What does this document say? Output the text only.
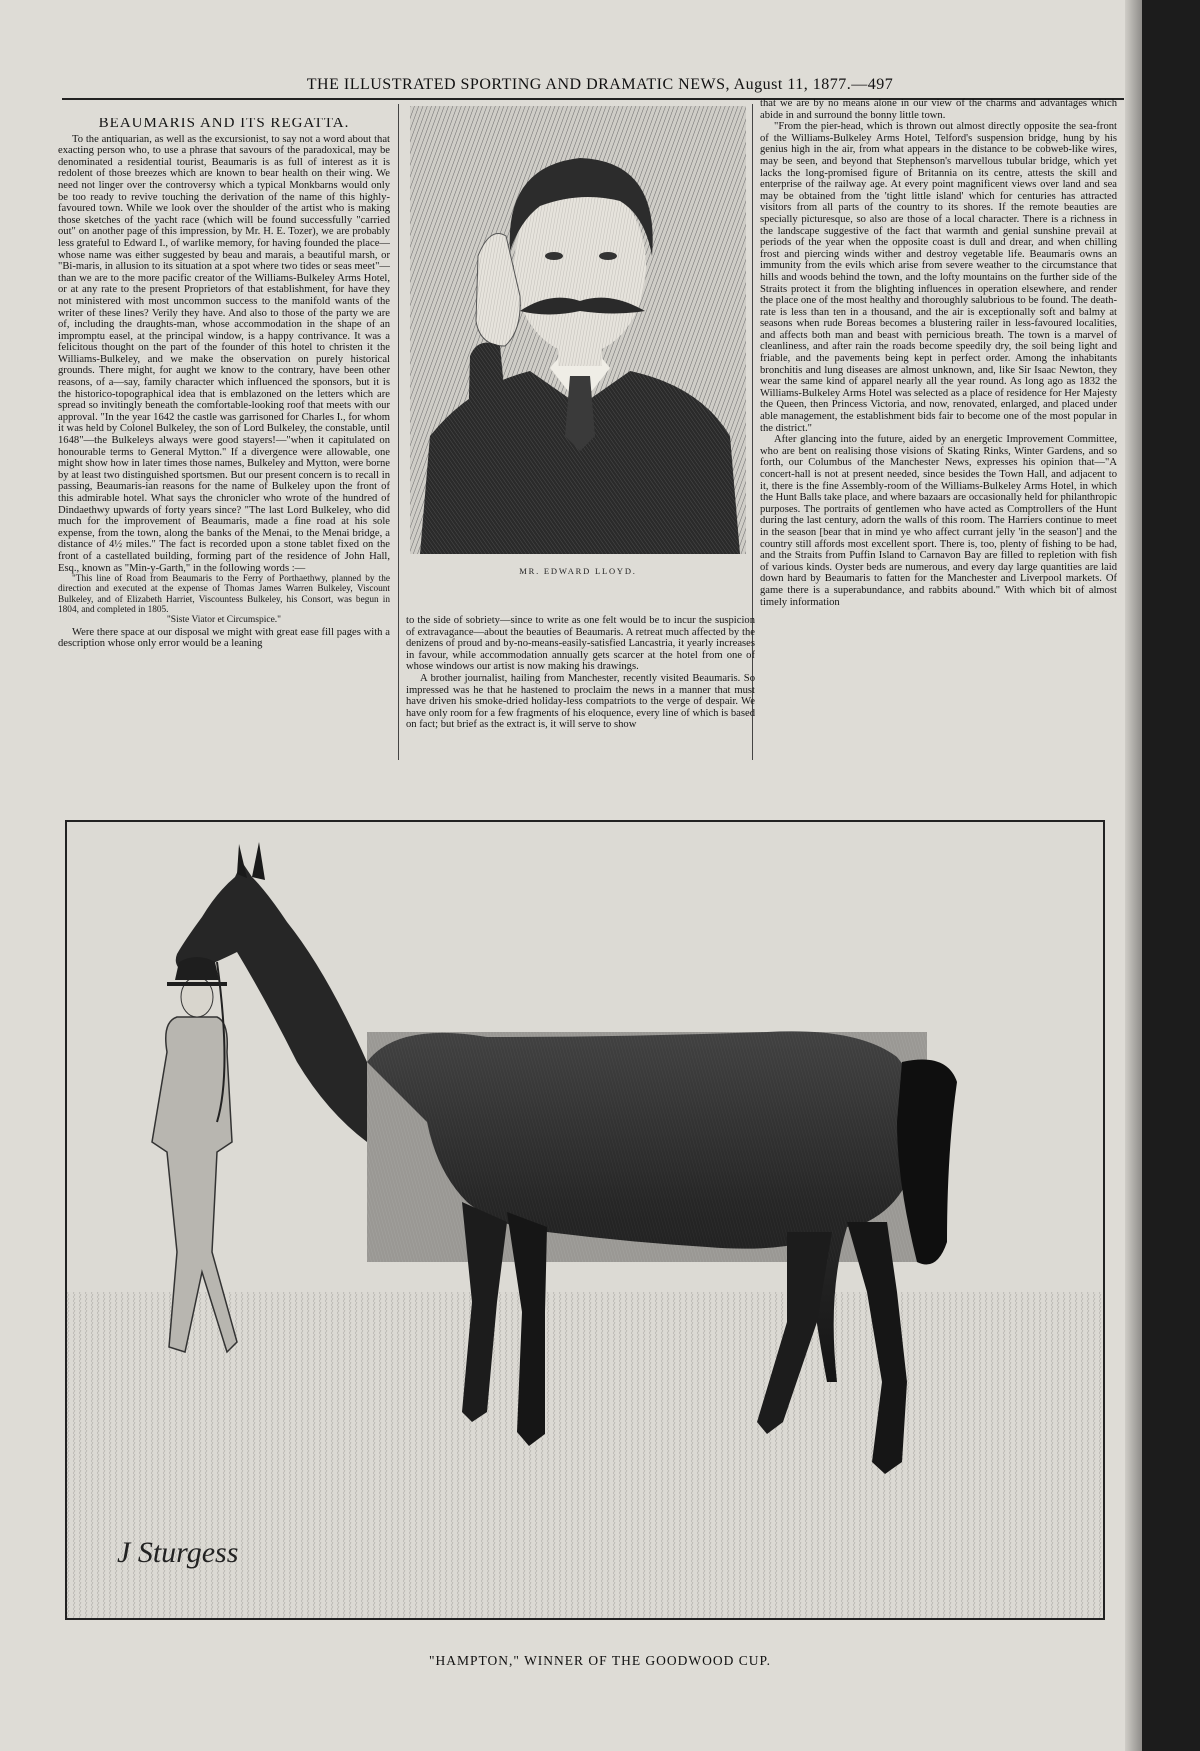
THE ILLUSTRATED SPORTING AND DRAMATIC NEWS, August 11, 1877.—497
BEAUMARIS AND ITS REGATTA.

To the antiquarian, as well as the excursionist, to say not a word about that exacting person who, to use a phrase that savours of the paradoxical, may be denominated a residential tourist, Beaumaris is as full of interest as it is redolent of those breezes which are known to bear health on their wing. We need not linger over the controversy which a typical Monkbarns would only be too ready to revive touching the derivation of the name of this highly-favoured town. While we look over the shoulder of the artist who is making those sketches of the yacht race (which will be found successfully "carried out" on another page of this impression, by Mr. H. E. Tozer), we are probably less grateful to Edward I., of warlike memory, for having founded the place—whose name was either suggested by beau and marais, a beautiful marsh, or "Bi-maris, in allusion to its situation at a spot where two tides or seas meet"—than we are to the more pacific creator of the Williams-Bulkeley Arms Hotel, or at any rate to the present Proprietors of that establishment, for have they not ministered with most uncommon success to the manifold wants of the writer of these lines? Verily they have. And also to those of the party we are of, including the draughts-man, whose accommodation in the shape of an impromptu easel, at the principal window, is a happy contrivance. It was a felicitous thought on the part of the founder of this hotel to christen it the Williams-Bulkeley, and we make the observation on purely historical grounds. There might, for aught we know to the contrary, have been other reasons, of a—say, family character which influenced the sponsors, but it is the historico-topographical idea that is emblazoned on the letters which are spread so invitingly beneath the comfortable-looking roof that meets with our approval. "In the year 1642 the castle was garrisoned for Charles I., for whom it was held by Colonel Bulkeley, the son of Lord Bulkeley, the constable, until 1648"—the Bulkeleys always were good stayers!—"when it capitulated on honourable terms to General Mytton." If a divergence were allowable, one might show how in later times those names, Bulkeley and Mytton, were borne by at least two distinguished sportsmen. But our present concern is to recall in passing, Beaumaris-ian reasons for the name of Bulkeley upon the front of this admirable hotel. What says the chronicler who wrote of the hundred of Dindaethwy upwards of forty years since? "The last Lord Bulkeley, who did much for the improvement of Beaumaris, made a fine road at his sole expense, from the town, along the banks of the Menai, to the Menai bridge, a distance of 4½ miles." The fact is recorded upon a stone tablet fixed on the front of a castellated building, forming part of the residence of John Hall, Esq., known as "Min-y-Garth," in the following words :—

"This line of Road from Beaumaris to the Ferry of Porthaethwy, planned by the direction and executed at the expense of Thomas James Warren Bulkeley, Viscount Bulkeley, and of Elizabeth Harriet, Viscountess Bulkeley, his Consort, was begun in 1804, and completed in 1805.

"Siste Viator et Circumspice."

Were there space at our disposal we might with great ease fill pages with a description whose only error would be a leaning

MR. EDWARD LLOYD.

to the side of sobriety—since to write as one felt would be to incur the suspicion of extravagance—about the beauties of Beaumaris. A retreat much affected by the denizens of proud and by-no-means-easily-satisfied Lancastria, it yearly increases in favour, while accommodation annually gets scarcer at the hotel from one of whose windows our artist is now making his drawings.

A brother journalist, hailing from Manchester, recently visited Beaumaris. So impressed was he that he hastened to proclaim the news in a manner that must have driven his smoke-dried holiday-less compatriots to the verge of despair. We have only room for a few fragments of his eloquence, every line of which is based on fact; but brief as the extract is, it will serve to show

that we are by no means alone in our view of the charms and advantages which abide in and surround the bonny little town.

"From the pier-head, which is thrown out almost directly opposite the sea-front of the Williams-Bulkeley Arms Hotel, Telford's suspension bridge, hung by his genius high in the air, from what appears in the distance to be cobweb-like wires, may be seen, and beyond that Stephenson's marvellous tubular bridge, which yet lacks the long-promised figure of Britannia on its centre, attests the skill and enterprise of the railway age. At every point magnificent views over land and sea may be obtained from the 'tight little island' which for centuries has attracted visitors from all parts of the country to its shores. If the remote beauties are specially picturesque, so also are those of a local character. There is a richness in the landscape suggestive of the fact that warmth and genial sunshine prevail at periods of the year when the opposite coast is dull and drear, and when chilling frost and piercing winds wither and destroy vegetable life. Beaumaris owns an immunity from the evils which arise from severe weather to the circumstance that hills and woods behind the town, and the lofty mountains on the further side of the Straits protect it from the blighting influences in operation elsewhere, and render the place one of the most healthy and thoroughly salubrious to be found. The death-rate is less than ten in a thousand, and the air is exceptionally soft and balmy at seasons when rude Boreas becomes a blustering railer in less-favoured localities, and affects both man and beast with pernicious breath. The town is a marvel of cleanliness, and after rain the roads become speedily dry, the soil being light and friable, and the pavements being kept in perfect order. Among the inhabitants bronchitis and lung diseases are almost unknown, and, like Sir Isaac Newton, they wear the same kind of apparel nearly all the year round. As long ago as 1832 the Williams-Bulkeley Arms Hotel was selected as a place of residence for Her Majesty the Queen, then Princess Victoria, and now, renovated, enlarged, and placed under able management, the establishment bids fair to become one of the most popular in the district."

After glancing into the future, aided by an energetic Improvement Committee, who are bent on realising those visions of Skating Rinks, Winter Gardens, and so forth, our Columbus of the Manchester News, expresses his opinion that—"A concert-hall is not at present needed, since besides the Town Hall, and adjacent to it, there is the fine Assembly-room of the Williams-Bulkeley Arms Hotel, in which the Hunt Balls take place, and where bazaars are occasionally held for philanthropic purposes. The portraits of gentlemen who have acted as Comptrollers of the Hunt during the last century, adorn the walls of this room. The Harriers continue to meet in the season [bear that in mind ye who affect currant jelly 'in the season'] and the country still affords most excellent sport. There is, too, plenty of fishing to be had, and the Straits from Puffin Island to Carnavon Bay are filled to repletion with fish of various kinds. Oyster beds are numerous, and every day large quantities are laid down hard by Beaumaris to fatten for the Manchester and Liverpool markets. Of game there is a superabundance, and rabbits abound." With which bit of almost timely information

J Sturgess
"HAMPTON," WINNER OF THE GOODWOOD CUP.
